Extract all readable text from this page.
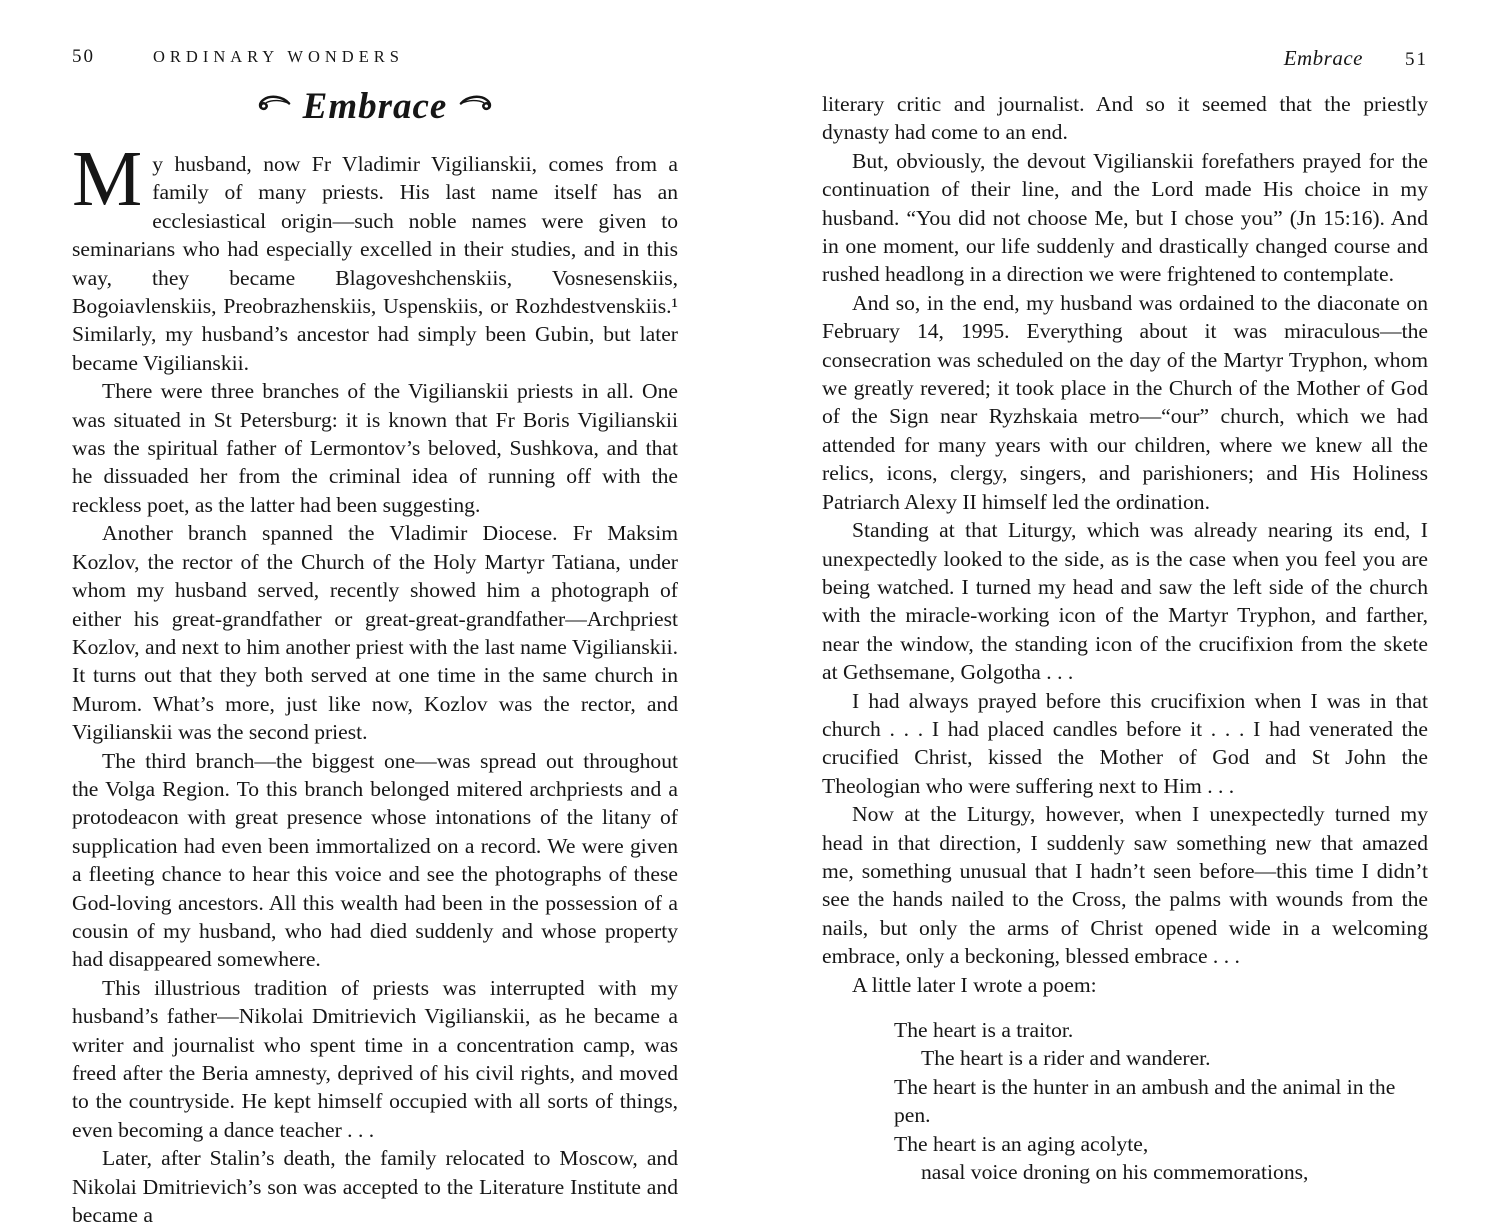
50	ORDINARY WONDERS
Embrace

My husband, now Fr Vladimir Vigilianskii, comes from a family of many priests. His last name itself has an ecclesiastical origin—such noble names were given to seminarians who had especially excelled in their studies, and in this way, they became Blagoveshchenskiis, Vosnesenskiis, Bogoiavlenskiis, Preobrazhenskiis, Uspenskiis, or Rozhdestvenskiis.¹ Similarly, my husband’s ancestor had simply been Gubin, but later became Vigilianskii.

There were three branches of the Vigilianskii priests in all. One was situated in St Petersburg: it is known that Fr Boris Vigilianskii was the spiritual father of Lermontov’s beloved, Sushkova, and that he dissuaded her from the criminal idea of running off with the reckless poet, as the latter had been suggesting.

Another branch spanned the Vladimir Diocese. Fr Maksim Kozlov, the rector of the Church of the Holy Martyr Tatiana, under whom my husband served, recently showed him a photograph of either his great-grandfather or great-great-grandfather—Archpriest Kozlov, and next to him another priest with the last name Vigilianskii. It turns out that they both served at one time in the same church in Murom. What’s more, just like now, Kozlov was the rector, and Vigilianskii was the second priest.

The third branch—the biggest one—was spread out throughout the Volga Region. To this branch belonged mitered archpriests and a protodeacon with great presence whose intonations of the litany of supplication had even been immortalized on a record. We were given a fleeting chance to hear this voice and see the photographs of these God-loving ancestors. All this wealth had been in the possession of a cousin of my husband, who had died suddenly and whose property had disappeared somewhere.

This illustrious tradition of priests was interrupted with my husband’s father—Nikolai Dmitrievich Vigilianskii, as he became a writer and journalist who spent time in a concentration camp, was freed after the Beria amnesty, deprived of his civil rights, and moved to the countryside. He kept himself occupied with all sorts of things, even becoming a dance teacher . . .

Later, after Stalin’s death, the family relocated to Moscow, and Nikolai Dmitrievich’s son was accepted to the Literature Institute and became a

Embrace 51

literary critic and journalist. And so it seemed that the priestly dynasty had come to an end.

But, obviously, the devout Vigilianskii forefathers prayed for the continuation of their line, and the Lord made His choice in my husband. “You did not choose Me, but I chose you” (Jn 15:16). And in one moment, our life suddenly and drastically changed course and rushed headlong in a direction we were frightened to contemplate.

And so, in the end, my husband was ordained to the diaconate on February 14, 1995. Everything about it was miraculous—the consecration was scheduled on the day of the Martyr Tryphon, whom we greatly revered; it took place in the Church of the Mother of God of the Sign near Ryzhskaia metro—“our” church, which we had attended for many years with our children, where we knew all the relics, icons, clergy, singers, and parishioners; and His Holiness Patriarch Alexy II himself led the ordination.

Standing at that Liturgy, which was already nearing its end, I unexpectedly looked to the side, as is the case when you feel you are being watched. I turned my head and saw the left side of the church with the miracle-working icon of the Martyr Tryphon, and farther, near the window, the standing icon of the crucifixion from the skete at Gethsemane, Golgotha . . .

I had always prayed before this crucifixion when I was in that church . . . I had placed candles before it . . . I had venerated the crucified Christ, kissed the Mother of God and St John the Theologian who were suffering next to Him . . .

Now at the Liturgy, however, when I unexpectedly turned my head in that direction, I suddenly saw something new that amazed me, something unusual that I hadn’t seen before—this time I didn’t see the hands nailed to the Cross, the palms with wounds from the nails, but only the arms of Christ opened wide in a welcoming embrace, only a beckoning, blessed embrace . . .

A little later I wrote a poem:

The heart is a traitor.

The heart is a rider and wanderer.

The heart is the hunter in an ambush and the animal in the pen.

The heart is an aging acolyte,

nasal voice droning on his commemorations,
